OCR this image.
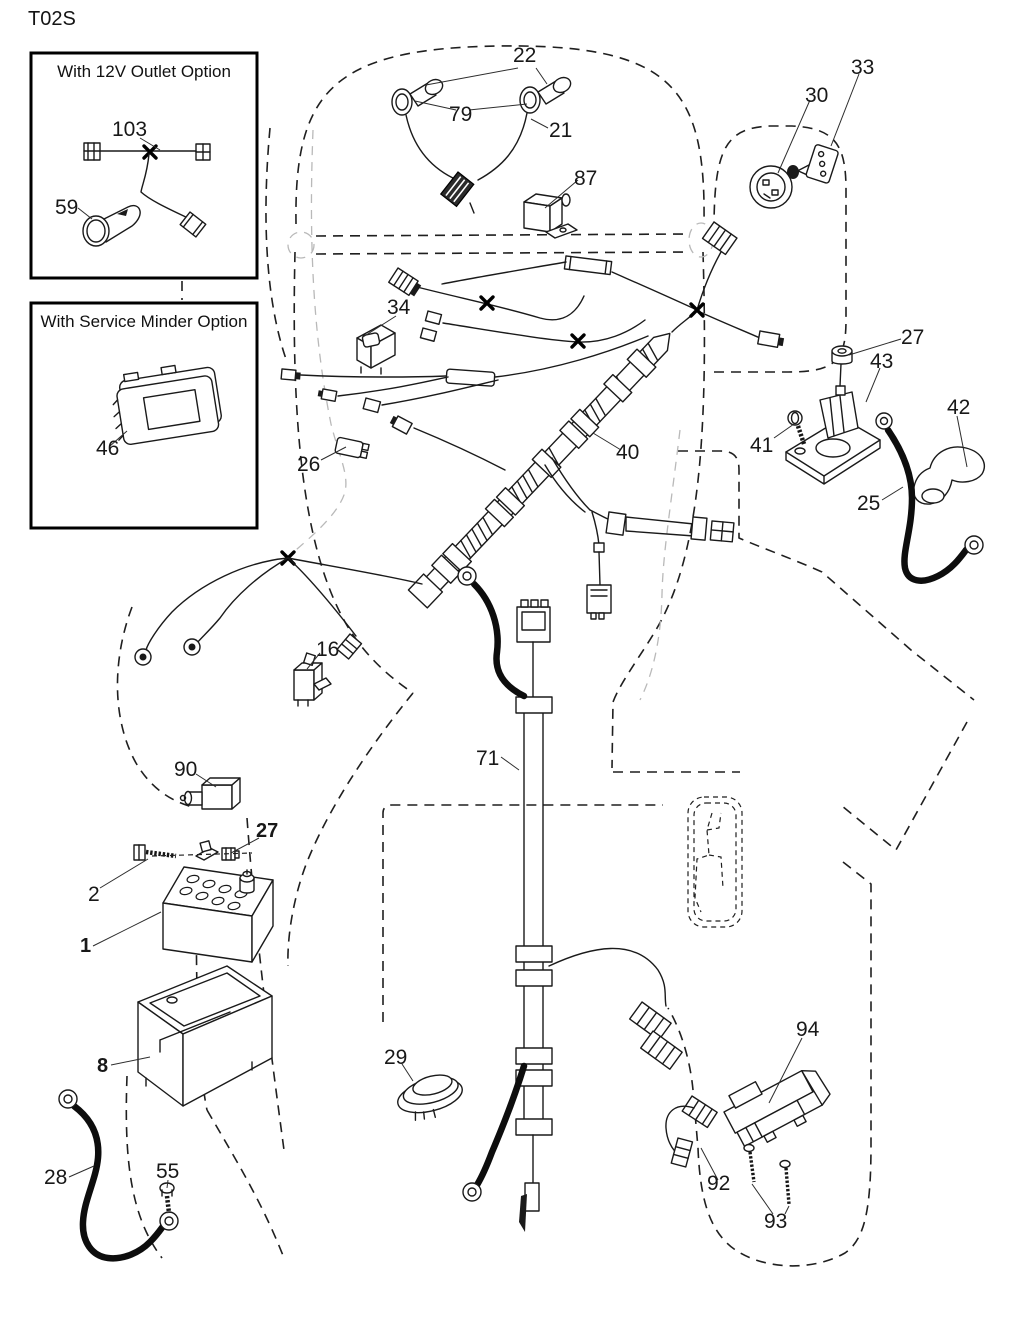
T02S
With 12V Outlet Option
With Service Minder Option
103
59
46
22
79
21
87
30
33
27
43
42
41
25
34
26
40
16
90
27
2
1
8
28	55
71
29
94
92
93
